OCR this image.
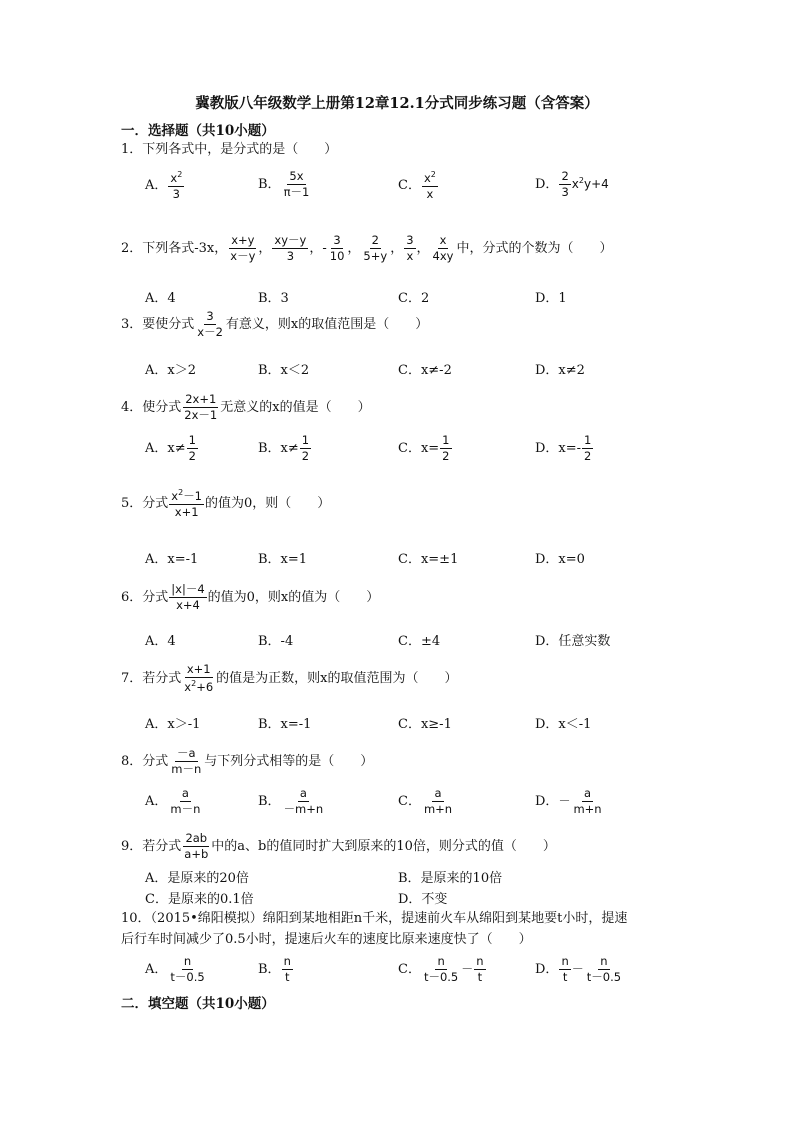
冀教版八年级数学上册第12章12.1分式同步练习题（含答案）
一．选择题（共10小题）
1．下列各式中，是分式的是（　　）
A． $\frac{x^2}{3}$	B． $\frac{5x}{\pi-1}$	C． $\frac{x^2}{x}$	D． $\frac{2}{3} x^2y+4$
2．下列各式-3x， $\frac{x+y}{x-y}$ ， $\frac{xy-y}{3}$ ，- $\frac{3}{10}$ ， $\frac{2}{5+y}$ ， $\frac{3}{x}$ ， $\frac{x}{4xy}$ 中，分式的个数为（　　）
A．4	B．3	C．2	D．1
3．要使分式 $\frac{3}{x-2}$ 有意义，则x的取值范围是（　　）
A．x＞2	B．x＜2	C．x≠-2	D．x≠2
4．使分式 $\frac{2x+1}{2x-1}$ 无意义的x的值是（　　）
A．$x\ne \frac{1}{2}$	B．$x\ne \frac{1}{2}$	C．$x= \frac{1}{2}$	D．$x=- \frac{1}{2}$
5．分式 $\frac{x^2-1}{x+1}$ 的值为0，则（　　）
A．x=-1	B．x=1	C．x=±1	D．x=0
6．分式 $\frac{|x|-4}{x+4}$ 的值为0，则x的值为（　　）
A．4	B．-4	C．±4	D．任意实数
7．若分式 $\frac{x+1}{x^2+6}$ 的值是为正数，则x的取值范围为（　　）
A．x＞-1	B．x=-1	C．x≥-1	D．x＜-1
8．分式 $\frac{-a}{m-n}$ 与下列分式相等的是（　　）
A． $\frac{a}{m-n}$	B． $\frac{a}{-m+n}$	C． $\frac{a}{m+n}$	D．－ $\frac{a}{m+n}$
9．若分式 $\frac{2ab}{a+b}$ 中的a、b的值同时扩大到原来的10倍，则分式的值（　　）
A．是原来的20倍	B．是原来的10倍
C．是原来的0.1倍	D．不变
10．（2015•绵阳模拟）绵阳到某地相距n千米，提速前火车从绵阳到某地要t小时，提速
后行车时间减少了0.5小时，提速后火车的速度比原来速度快了（　　）
A． $\frac{n}{t-0.5}$	B． $\frac{n}{t}$	C． $\frac{n}{t-0.5} - \frac{n}{t}$	D． $\frac{n}{t} - \frac{n}{t-0.5}$
二．填空题（共10小题）
